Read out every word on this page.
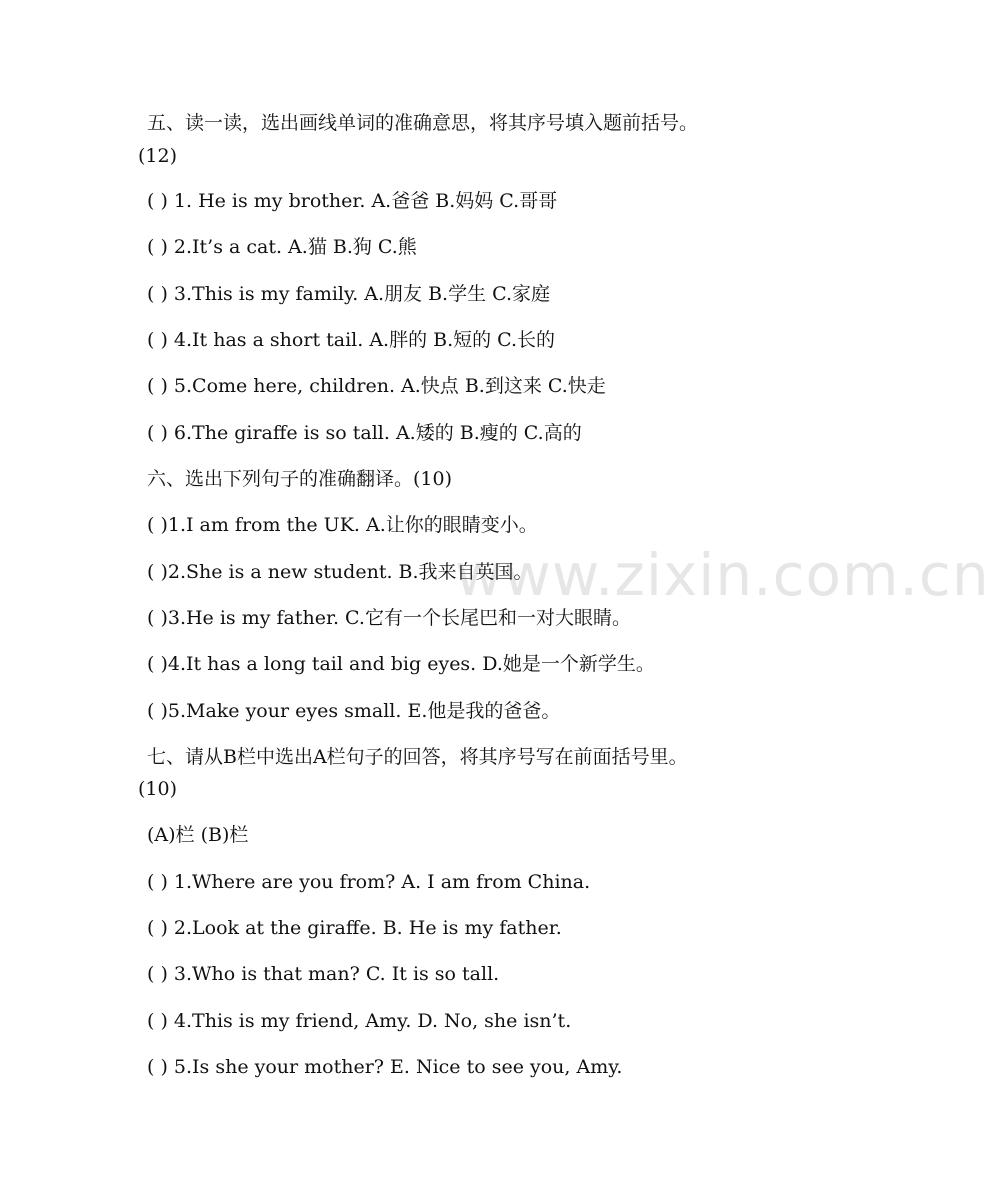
www.zixin.com.cn
五、读一读，选出画线单词的准确意思，将其序号填入题前括号。
(12)
( ) 1. He is my brother. A.爸爸 B.妈妈 C.哥哥
( ) 2.It’s a cat. A.猫 B.狗 C.熊
( ) 3.This is my family. A.朋友 B.学生 C.家庭
( ) 4.It has a short tail. A.胖的 B.短的 C.长的
( ) 5.Come here, children. A.快点 B.到这来 C.快走
( ) 6.The giraffe is so tall. A.矮的 B.瘦的 C.高的
六、选出下列句子的准确翻译。(10)
( )1.I am from the UK. A.让你的眼睛变小。
( )2.She is a new student. B.我来自英国。
( )3.He is my father. C.它有一个长尾巴和一对大眼睛。
( )4.It has a long tail and big eyes. D.她是一个新学生。
( )5.Make your eyes small. E.他是我的爸爸。
七、请从B栏中选出A栏句子的回答，将其序号写在前面括号里。
(10)
(A)栏 (B)栏
( ) 1.Where are you from? A. I am from China.
( ) 2.Look at the giraffe. B. He is my father.
( ) 3.Who is that man? C. It is so tall.
( ) 4.This is my friend, Amy. D. No, she isn’t.
( ) 5.Is she your mother? E. Nice to see you, Amy.
